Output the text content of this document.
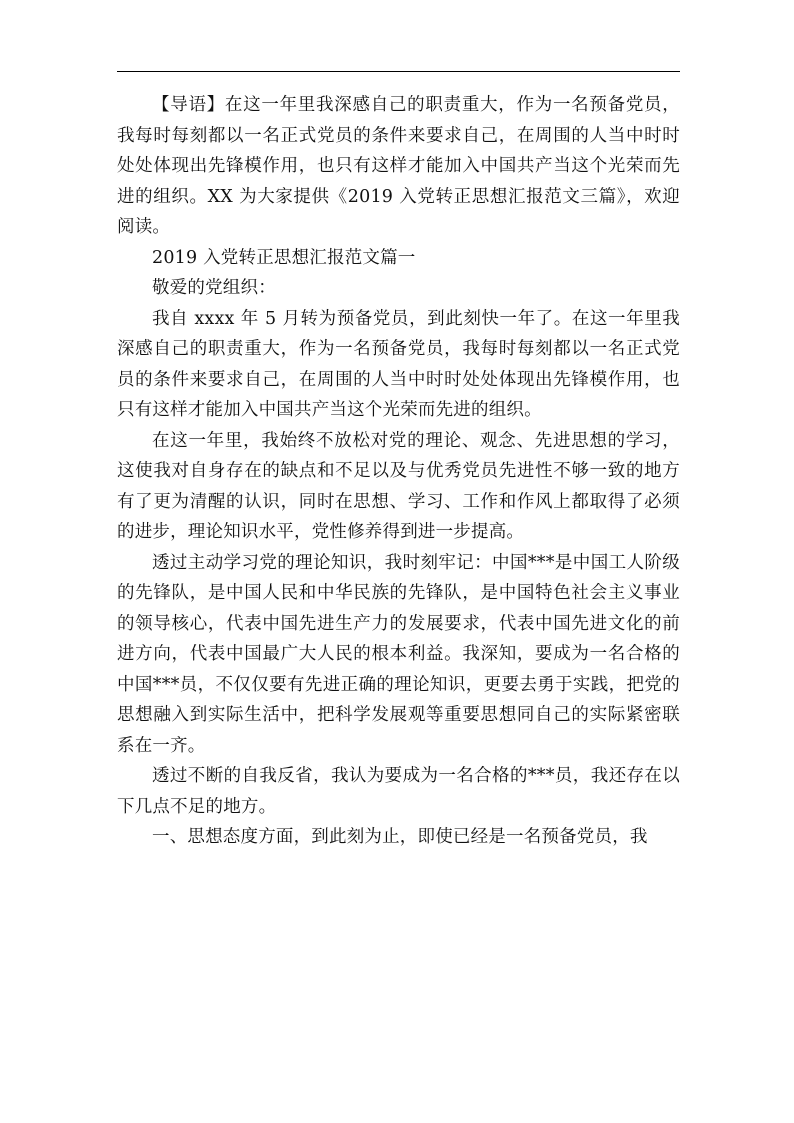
【导语】在这一年里我深感自己的职责重大，作为一名预备党员，我每时每刻都以一名正式党员的条件来要求自己，在周围的人当中时时处处体现出先锋模作用，也只有这样才能加入中国共产当这个光荣而先进的组织。XX 为大家提供《2019 入党转正思想汇报范文三篇》，欢迎阅读。

2019 入党转正思想汇报范文篇一

敬爱的党组织：

我自 xxxx 年 5 月转为预备党员，到此刻快一年了。在这一年里我深感自己的职责重大，作为一名预备党员，我每时每刻都以一名正式党员的条件来要求自己，在周围的人当中时时处处体现出先锋模作用，也只有这样才能加入中国共产当这个光荣而先进的组织。

在这一年里，我始终不放松对党的理论、观念、先进思想的学习，这使我对自身存在的缺点和不足以及与优秀党员先进性不够一致的地方有了更为清醒的认识，同时在思想、学习、工作和作风上都取得了必须的进步，理论知识水平，党性修养得到进一步提高。

透过主动学习党的理论知识，我时刻牢记：中国***是中国工人阶级的先锋队，是中国人民和中华民族的先锋队，是中国特色社会主义事业的领导核心，代表中国先进生产力的发展要求，代表中国先进文化的前进方向，代表中国最广大人民的根本利益。我深知，要成为一名合格的中国***员，不仅仅要有先进正确的理论知识，更要去勇于实践，把党的思想融入到实际生活中，把科学发展观等重要思想同自己的实际紧密联系在一齐。

透过不断的自我反省，我认为要成为一名合格的***员，我还存在以下几点不足的地方。

一、思想态度方面，到此刻为止，即使已经是一名预备党员，我
